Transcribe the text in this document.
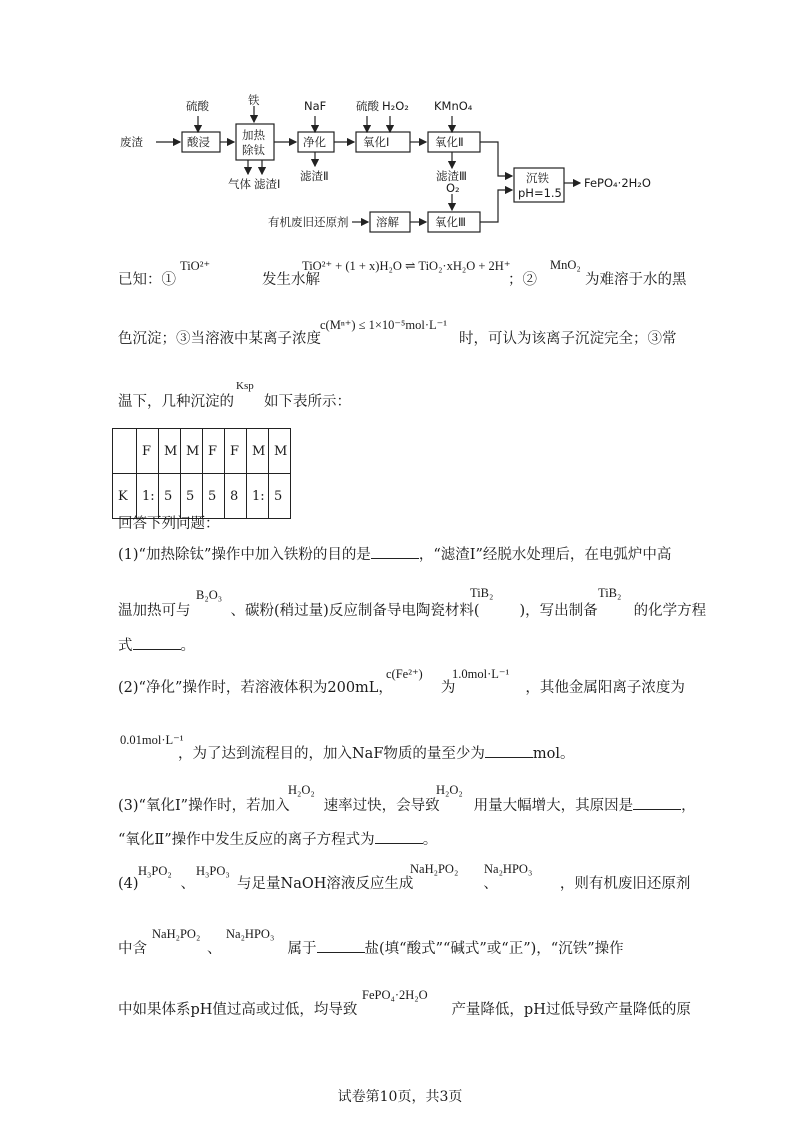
废渣	酸浸	加热
除钛
净化	氧化Ⅰ	氧化Ⅱ
沉铁
pH=1.5
溶解	氧化Ⅲ
硫酸	铁	NaF	硫酸 H₂O₂ KMnO₄
O₂
有机废旧还原剂
气体 滤渣Ⅰ
滤渣Ⅱ	滤渣Ⅲ	FePO₄·2H₂O
已知：①	发生水解
TiO²⁺	TiO²⁺ + (1 + x)H₂O ⇌ TiO₂·xH₂O + 2H⁺
；②	为难溶于水的黑
MnO₂
色沉淀；③当溶液中某离子浓度	时，可认为该离子沉淀完全；③常
c(Mⁿ⁺) ≤ 1×10⁻⁵mol·L⁻¹
温下，几种沉淀的 如下表所示：
Ksp
	F	M	M	F	F	M	M
K	1:	5	5	5	8	1:	5
回答下列问题：
(1)“加热除钛”操作中加入铁粉的目的是	，“滤渣Ⅰ”经脱水处理后，在电弧炉中高
温加热可与	、碳粉(稍过量)反应制备导电陶瓷材料(	)，写出制备 的化学方程
B₂O₃	TiB₂	TiB₂
式	。
(2)“净化”操作时，若溶液体积为200mL，	为	，其他金属阳离子浓度为
c(Fe²⁺) 1.0mol·L⁻¹
，为了达到流程目的，加入NaF物质的量至少为	mol。
0.01mol·L⁻¹
(3)“氧化Ⅰ”操作时，若加入 速率过快，会导致 用量大幅增大，其原因是	，
H₂O₂	H₂O₂
“氧化Ⅱ”操作中发生反应的离子方程式为	。
(4)	、	与足量NaOH溶液反应生成	、	，则有机废旧还原剂
H₃PO₂ H₃PO₃	NaH₂PO₂ Na₂HPO₃
中含	、	属于	盐(填“酸式”“碱式”或“正”)，“沉铁”操作
NaH₂PO₂ Na₂HPO₃
中如果体系pH值过高或过低，均导致	产量降低，pH过低导致产量降低的原
FePO₄·2H₂O
试卷第10页，共3页
